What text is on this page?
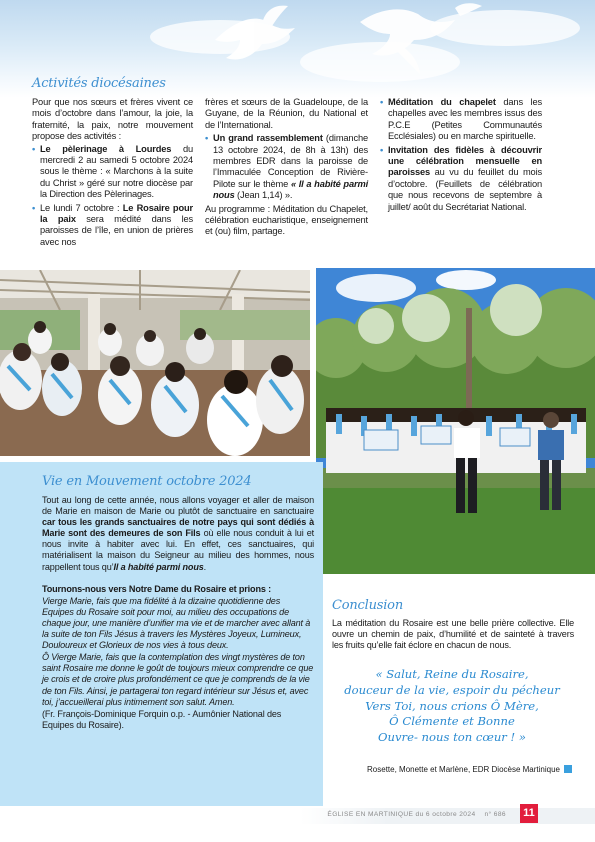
Activités diocésaines

Pour que nos sœurs et frères vivent ce mois d’octobre dans l’amour, la joie, la fraternité, la paix, notre mouvement propose des activités :

• Le pèlerinage à Lourdes du mercredi 2 au samedi 5 octobre 2024 sous le thème : « Marchons à la suite du Christ » géré sur notre diocèse par la Direction des Pèlerinages.
• Le lundi 7 octobre : Le Rosaire pour la paix sera médité dans les paroisses de l’île, en union de prières avec nos

frères et sœurs de la Guadeloupe, de la Guyane, de la Réunion, du National et de l’International.

• Un grand rassemblement (dimanche 13 octobre 2024, de 8h à 13h) des membres EDR dans la paroisse de l’Immaculée Conception de Rivière-Pilote sur le thème « Il a habité parmi nous (Jean 1,14) ».

Au programme : Méditation du Chapelet, célébration eucharistique, enseignement et (ou) film, partage.

• Méditation du chapelet dans les chapelles avec les membres issus des P.C.E (Petites Communautés Ecclésiales) ou en marche spirituelle.
• Invitation des fidèles à découvrir une célébration mensuelle en paroisses au vu du feuillet du mois d’octobre. (Feuillets de célébration que nous recevons de septembre à juillet/ août du Secrétariat National.
Vie en Mouvement octobre 2024

Tout au long de cette année, nous allons voyager et aller de maison de Marie en maison de Marie ou plutôt de sanctuaire en sanctuaire car tous les grands sanctuaires de notre pays qui sont dédiés à Marie sont des demeures de son Fils où elle nous conduit à lui et nous invite à habiter avec lui. En effet, ces sanctuaires, qui matérialisent la maison du Seigneur au milieu des hommes, nous rappellent tous qu’Il a habité parmi nous.

Tournons-nous vers Notre Dame du Rosaire et prions :

Vierge Marie, fais que ma fidélité à la dizaine quotidienne des Equipes du Rosaire soit pour moi, au milieu des occupations de chaque jour, une manière d’unifier ma vie et de marcher avec allant à la suite de ton Fils Jésus à travers les Mystères Joyeux, Lumineux, Douloureux et Glorieux de nos vies à tous deux.

Ô Vierge Marie, fais que la contemplation des vingt mystères de ton saint Rosaire me donne le goût de toujours mieux comprendre ce que je crois et de croire plus profondément ce que je comprends de la vie de ton Fils. Ainsi, je partagerai ton regard intérieur sur Jésus et, avec toi, j’accueillerai plus intimement son salut. Amen.

(Fr. François-Dominique Forquin o.p. - Aumônier National des Equipes du Rosaire).

Conclusion
La méditation du Rosaire est une belle prière collective. Elle ouvre un chemin de paix, d’humilité et de sainteté à travers les fruits qu’elle fait éclore en chacun de nous.
« Salut, Reine du Rosaire,
douceur de la vie, espoir du pécheur
Vers Toi, nous crions Ô Mère,
Ô Clémente et Bonne
Ouvre- nous ton cœur ! »
Rosette, Monette et Marlène, EDR Diocèse Martinique
ÉGLISE EN MARTINIQUE du 6 octobre 2024 n° 686 11
